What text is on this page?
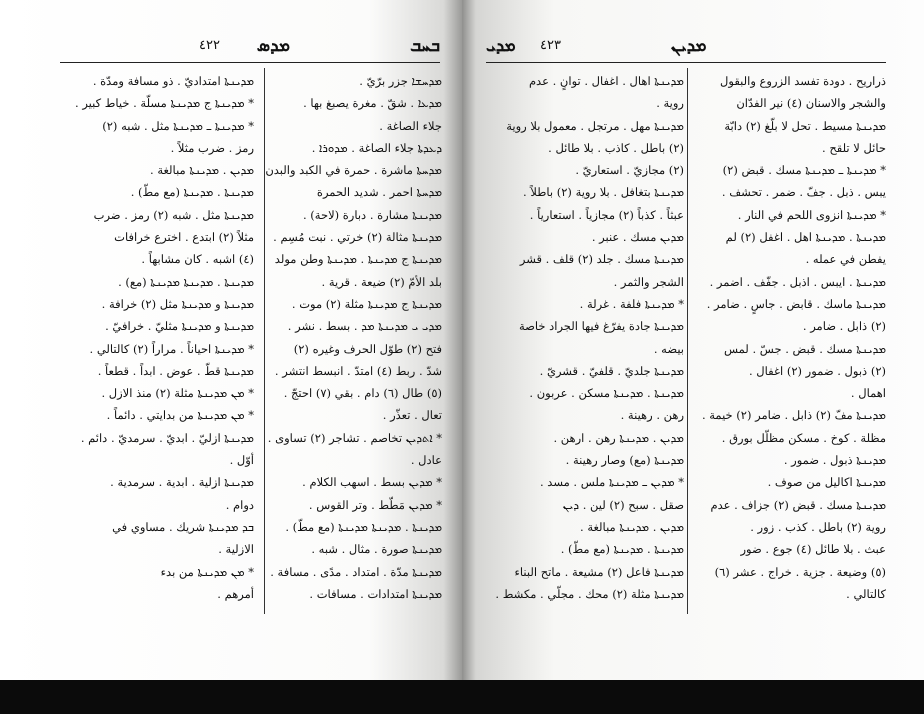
ܒܚܒ
ܡܕܣ
٤٢٢
ܡܕܝܢܬܐ امتداديّ . ذو مسافة ومدّة .
* ܡܕܝܢܬܐ ج ܡܕܝܢܬܐ مسلّة . خياط كبير .
* ܡܕܝܢܬܐ ـ ܡܕܝܢܬܐ مثل . شبه (٢)
رمز . ضرب مثلاً .
ܡܕܝܢ . ܡܕܝܢܬܐ مبالغة .
ܡܕܝܢܬܐ . ܡܕܝܢܬܐ (مع مطّ) .
ܡܕܝܢܬܐ مثل . شبه (٢) رمز . ضرب
مثلاً (٢) ابتدع . اخترع خرافات
(٤) اشبه . كان مشابهاً .
ܡܕܝܢܬܐ . ܡܕܝܢܬܐ ܡܕܝܢܬܐ (مع) .
ܡܕܝܢܬܐ و ܡܕܝܢܬܐ مثل (٢) خرافة .
ܡܕܝܢܬܐ و ܡܕܝܢܬܐ مثليّ . خرافيّ .
* ܡܕܝܢܬܐ احياناً . مراراً (٢) كالتالي .
ܡܕܝܢܬܐ قطّ . عوض . ابداً . قطعاً .
* ܡܢ ܡܕܝܢܬܐ مثلة (٢) منذ الازل .
* ܡܢ ܡܕܝܢܬܐ من بدايتي . دائماً .
ܡܕܝܢܬܐ ازليّ . ابديّ . سرمديّ . دائم .
أوّل .
ܡܕܝܢܬܐ ازلية . ابدية . سرمدية .
دوام .
ܒܕ ܡܕܝܢܬܐ شريك . مساوي في
الازلية .
* ܡܢ ܡܕܝܢܬܐ من بدء
أمرهم .
ܡܕܚܫܐ جزر برّيّ .
ܡܕܥܐ . شقّ . مغرة يصبغ بها .
جلاء الصاغة .
ܕܥܕܬܐ جلاء الصاغة . ܡܕܘܪܐ .
ܡܕܚܬܐ ماشرة . حمرة في الكبد والبدن
ܡܕܚܬܐ احمر . شديد الحمرة
ܡܕܝܢܬܐ مشارة . دبارة (لاحة) .
ܡܕܝܢܬܐ مثالة (٢) خرتي . نبت مُسِم .
ܡܕܝܢܬܐ ج ܡܕܝܢܬܐ . ܡܕܝܢܬܐ وطن مولد
بلد الأمّ (٢) ضيعة . قرية .
ܡܕܝܢܬܐ ج ܡܕܝܢܬܐ مثلة (٢) موت .
ܡܕܝ ܝ ܡܕܝܢܬܐ ܡܕ . بسط . نشر .
فتح (٢) طوّل الحرف وغيره (٢)
شدّ . ربط (٤) امتدّ . انبسط انتشر .
(٥) طال (٦) دام . بقي (٧) احتجّ .
تعال . تعذّر .
* ܐܬܕܝܢ تخاصم . تشاجر (٢) تساوى .
عادل .
* ܡܕܝܢ بسط . اسهب الكلام .
* ܡܕܝܢ مَطّط . وتر القوس .
ܡܕܝܢܬܐ . ܡܕܝܢܬܐ ܡܕܝܢܬܐ (مع مطّ) .
ܡܕܝܢܬܐ صورة . مثال . شبه .
ܡܕܝܢܬܐ مدّة . امتداد . مدًى . مسافة .
ܡܕܝܢܬܐ امتدادات . مسافات .
ܡܕܝ	ܡܕܝܢ
٤٢٣
ܡܕܝܢܬܐ اهال . اغفال . توانٍ . عدم
روية .
ܡܕܝܢܬܐ مهل . مرتجل . معمول بلا روية
(٢) باطل . كاذب . بلا طائل .
(٢) مجازيّ . استعاريّ .
ܡܕܝܢܬܐ بتغافل . بلا روية (٢) باطلاً .
عبثاً . كذباً (٢) مجازياً . استعارياً .
ܡܕܝܢ مسك . عنبر .
ܡܕܝܢܬܐ مسك . جلد (٢) قلف . قشر
الشجر والثمر .
* ܡܕܝܢܬܐ فلفة . غرلة .
ܡܕܝܢܬܐ جادة يفرّغ فيها الجراد خاصة
بيضه .
ܡܕܝܢܬܐ جلديّ . قلفيّ . قشريّ .
ܡܕܝܢܬܐ . ܡܕܝܢܬܐ مسكن . عربون .
رهن . رهينة .
ܡܕܝܢ . ܡܕܝܢܬܐ رهن . ارهن .
ܡܕܝܢܬܐ (مع) وصار رهينة .
* ܡܕܝܢ ـ ܡܕܝܢܬܐ ملس . مسد .
صقل . سبح (٢) لين . ܕܝܢ
ܡܕܝܢ . ܡܕܝܢܬܐ مبالغة .
ܡܕܝܢܬܐ . ܡܕܝܢܬܐ (مع مطّ) .
ܡܕܝܢܬܐ فاعل (٢) مشيعة . ماتح البناء
ܡܕܝܢܬܐ مثلة (٢) محك . مجلّي . مكشط .
ذراريح . دودة تفسد الزروع والبقول
والشجر والاسنان (٤) نير الفدّان
ܡܕܝܢܬܐ مسيط . تحل لا بلّغ (٢) دابّة
حائل لا تلقح .
* ܡܕܝܢܬܐ ـ ܡܕܝܢܬܐ مسك . قبض (٢)
يبس . ذبل . جفّ . ضمر . تحشف .
* ܡܕܝܢܬܐ انزوى اللحم في النار .
ܡܕܝܢܬܐ . ܡܕܝܢܬܐ اهل . اغفل (٢) لم
يفطن في عمله .
ܡܕܝܢܬܐ . ايبس . اذبل . جفّف . اضمر .
ܡܕܝܢܬܐ ماسك . قابض . جاسٍ . ضامر .
(٢) ذابل . ضامر .
ܡܕܝܢܬܐ مسك . قبض . جسّ . لمس
(٢) ذبول . ضمور (٢) اغفال .
اهمال .
ܡܕܝܢܬܐ مفّ (٢) ذابل . ضامر (٢) خيمة .
مظلة . كوخ . مسكن مظلّل بورق .
ܡܕܝܢܬܐ ذبول . ضمور .
ܡܕܝܢܬܐ اكاليل من صوف .
ܡܕܝܢܬܐ مسك . قبض (٢) جزاف . عدم
روية (٢) باطل . كذب . زور .
عبث . بلا طائل (٤) جوع . ضور
(٥) وضيعة . جزية . خراج . عشر (٦)
كالتالي .
